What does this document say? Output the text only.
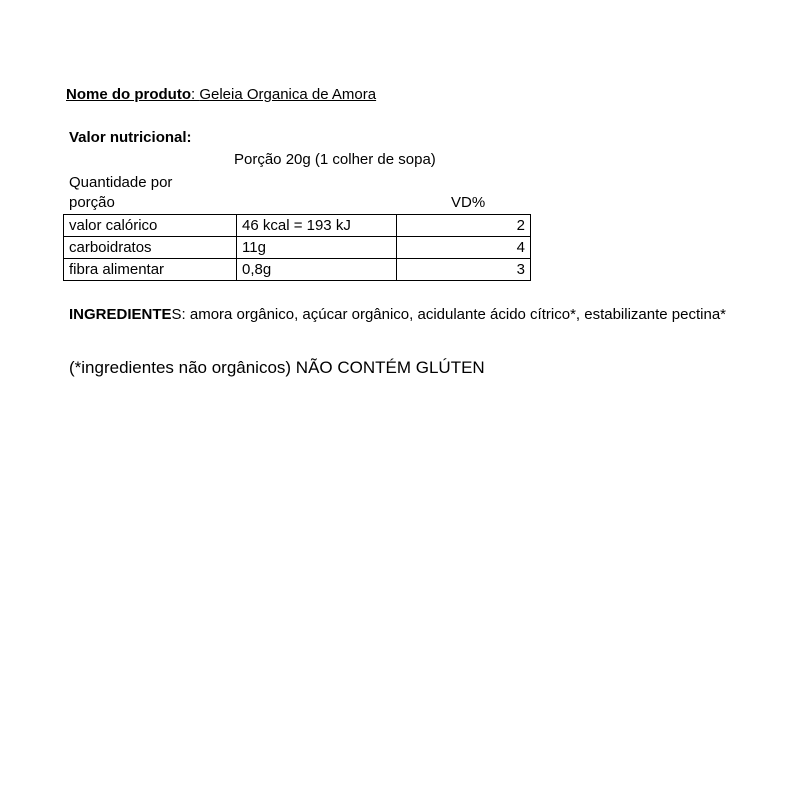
Nome do produto: Geleia Organica de Amora
Valor nutricional:
Porção 20g (1 colher de sopa)
Quantidade por
porção	VD%
valor calórico	46 kcal = 193 kJ	2
carboidratos	11g	4
fibra alimentar	0,8g	3
INGREDIENTES: amora orgânico, açúcar orgânico, acidulante ácido cítrico*, estabilizante pectina*
(*ingredientes não orgânicos) NÃO CONTÉM GLÚTEN
